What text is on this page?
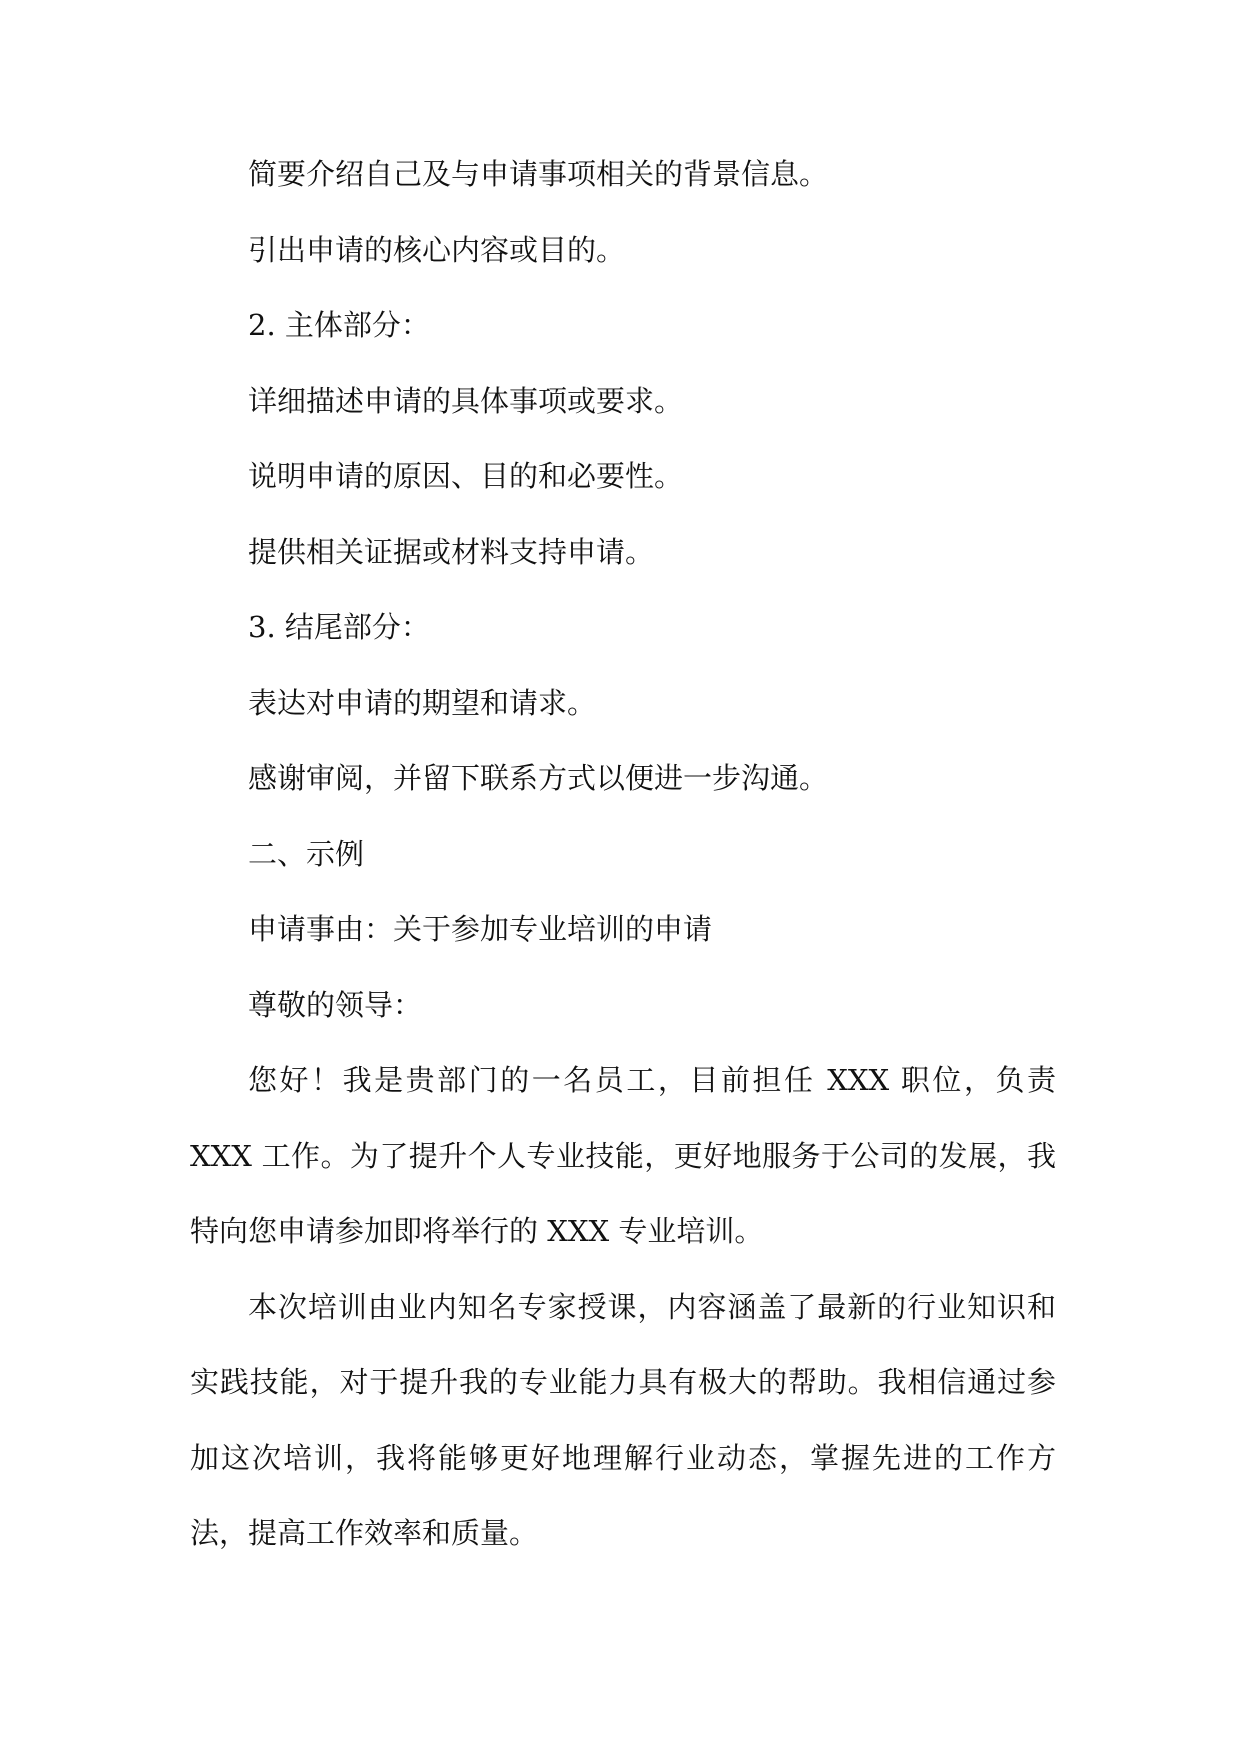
简要介绍自己及与申请事项相关的背景信息。

引出申请的核心内容或目的。

2. 主体部分：

详细描述申请的具体事项或要求。

说明申请的原因、目的和必要性。

提供相关证据或材料支持申请。

3. 结尾部分：

表达对申请的期望和请求。

感谢审阅，并留下联系方式以便进一步沟通。

二、示例

申请事由：关于参加专业培训的申请

尊敬的领导：

您好！我是贵部门的一名员工，目前担任 XXX 职位，负责 XXX 工作。为了提升个人专业技能，更好地服务于公司的发展，我特向您申请参加即将举行的 XXX 专业培训。

本次培训由业内知名专家授课，内容涵盖了最新的行业知识和实践技能，对于提升我的专业能力具有极大的帮助。我相信通过参加这次培训，我将能够更好地理解行业动态，掌握先进的工作方法，提高工作效率和质量。
